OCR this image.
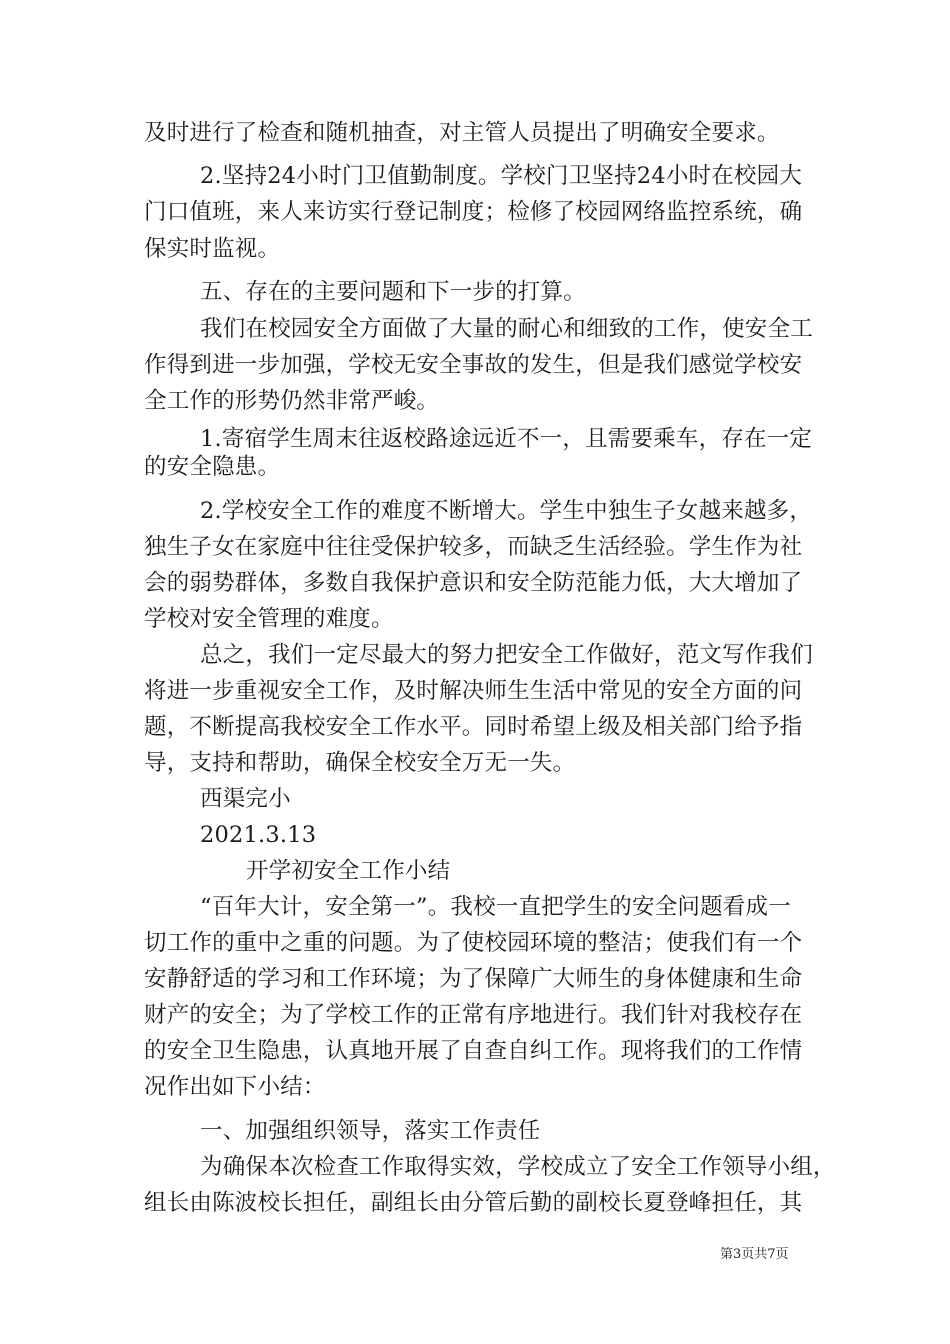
及时进行了检查和随机抽查，对主管人员提出了明确安全要求。
2.坚持24小时门卫值勤制度。学校门卫坚持24小时在校园大
门口值班，来人来访实行登记制度；检修了校园网络监控系统，确
保实时监视。
五、存在的主要问题和下一步的打算。
我们在校园安全方面做了大量的耐心和细致的工作，使安全工
作得到进一步加强，学校无安全事故的发生，但是我们感觉学校安
全工作的形势仍然非常严峻。
1.寄宿学生周末往返校路途远近不一，且需要乘车，存在一定
的安全隐患。
2.学校安全工作的难度不断增大。学生中独生子女越来越多，
独生子女在家庭中往往受保护较多，而缺乏生活经验。学生作为社
会的弱势群体，多数自我保护意识和安全防范能力低，大大增加了
学校对安全管理的难度。
总之，我们一定尽最大的努力把安全工作做好，范文写作我们
将进一步重视安全工作，及时解决师生生活中常见的安全方面的问
题，不断提高我校安全工作水平。同时希望上级及相关部门给予指
导，支持和帮助，确保全校安全万无一失。
西渠完小
2021.3.13
开学初安全工作小结
“百年大计，安全第一”。我校一直把学生的安全问题看成一
切工作的重中之重的问题。为了使校园环境的整洁；使我们有一个
安静舒适的学习和工作环境；为了保障广大师生的身体健康和生命
财产的安全；为了学校工作的正常有序地进行。我们针对我校存在
的安全卫生隐患，认真地开展了自查自纠工作。现将我们的工作情
况作出如下小结：
一、加强组织领导，落实工作责任
为确保本次检查工作取得实效，学校成立了安全工作领导小组，
组长由陈波校长担任，副组长由分管后勤的副校长夏登峰担任，其
第3页共7页
